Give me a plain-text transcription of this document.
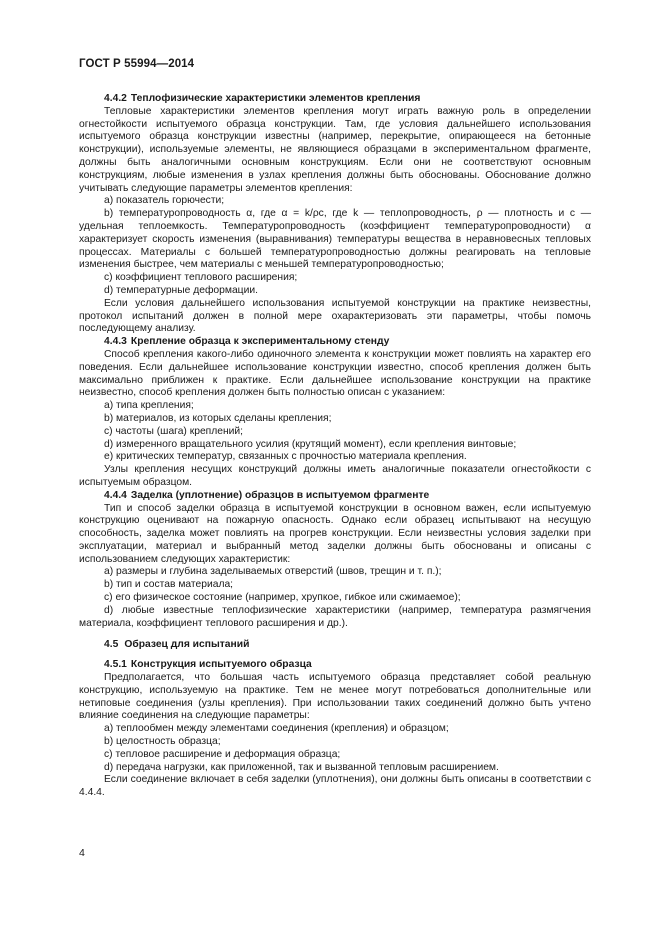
ГОСТ Р 55994—2014

4.4.2 Теплофизические характеристики элементов крепления

Тепловые характеристики элементов крепления могут играть важную роль в определении огнестойкости испытуемого образца конструкции. Там, где условия дальнейшего использования испытуемого образца конструкции известны (например, перекрытие, опирающееся на бетонные конструкции), используемые элементы, не являющиеся образцами в экспериментальном фрагменте, должны быть аналогичными основным конструкциям. Если они не соответствуют основным конструкциям, любые изменения в узлах крепления должны быть обоснованы. Обоснование должно учитывать следующие параметры элементов крепления:

а) показатель горючести;

b) температуропроводность α, где α = k/ρc, где k — теплопроводность, ρ — плотность и c — удельная теплоемкость. Температуропроводность (коэффициент температуропроводности) α характеризует скорость изменения (выравнивания) температуры вещества в неравновесных тепловых процессах. Материалы с большей температуропроводностью должны реагировать на тепловые изменения быстрее, чем материалы с меньшей температуропроводностью;

c) коэффициент теплового расширения;

d) температурные деформации.

Если условия дальнейшего использования испытуемой конструкции на практике неизвестны, протокол испытаний должен в полной мере охарактеризовать эти параметры, чтобы помочь последующему анализу.

4.4.3 Крепление образца к экспериментальному стенду

Способ крепления какого-либо одиночного элемента к конструкции может повлиять на характер его поведения. Если дальнейшее использование конструкции известно, способ крепления должен быть максимально приближен к практике. Если дальнейшее использование конструкции на практике неизвестно, способ крепления должен быть полностью описан с указанием:

а) типа крепления;

b) материалов, из которых сделаны крепления;

c) частоты (шага) креплений;

d) измеренного вращательного усилия (крутящий момент), если крепления винтовые;

e) критических температур, связанных с прочностью материала крепления.

Узлы крепления несущих конструкций должны иметь аналогичные показатели огнестойкости с испытуемым образцом.

4.4.4 Заделка (уплотнение) образцов в испытуемом фрагменте

Тип и способ заделки образца в испытуемой конструкции в основном важен, если испытуемую конструкцию оценивают на пожарную опасность. Однако если образец испытывают на несущую способность, заделка может повлиять на прогрев конструкции. Если неизвестны условия заделки при эксплуатации, материал и выбранный метод заделки должны быть обоснованы и описаны с использованием следующих характеристик:

а) размеры и глубина заделываемых отверстий (швов, трещин и т. п.);

b) тип и состав материала;

c) его физическое состояние (например, хрупкое, гибкое или сжимаемое);

d) любые известные теплофизические характеристики (например, температура размягчения материала, коэффициент теплового расширения и др.).

4.5 Образец для испытаний

4.5.1 Конструкция испытуемого образца

Предполагается, что большая часть испытуемого образца представляет собой реальную конструкцию, используемую на практике. Тем не менее могут потребоваться дополнительные или нетиповые соединения (узлы крепления). При использовании таких соединений должно быть учтено влияние соединения на следующие параметры:

а) теплообмен между элементами соединения (крепления) и образцом;

b) целостность образца;

c) тепловое расширение и деформация образца;

d) передача нагрузки, как приложенной, так и вызванной тепловым расширением.

Если соединение включает в себя заделки (уплотнения), они должны быть описаны в соответствии с 4.4.4.

4
